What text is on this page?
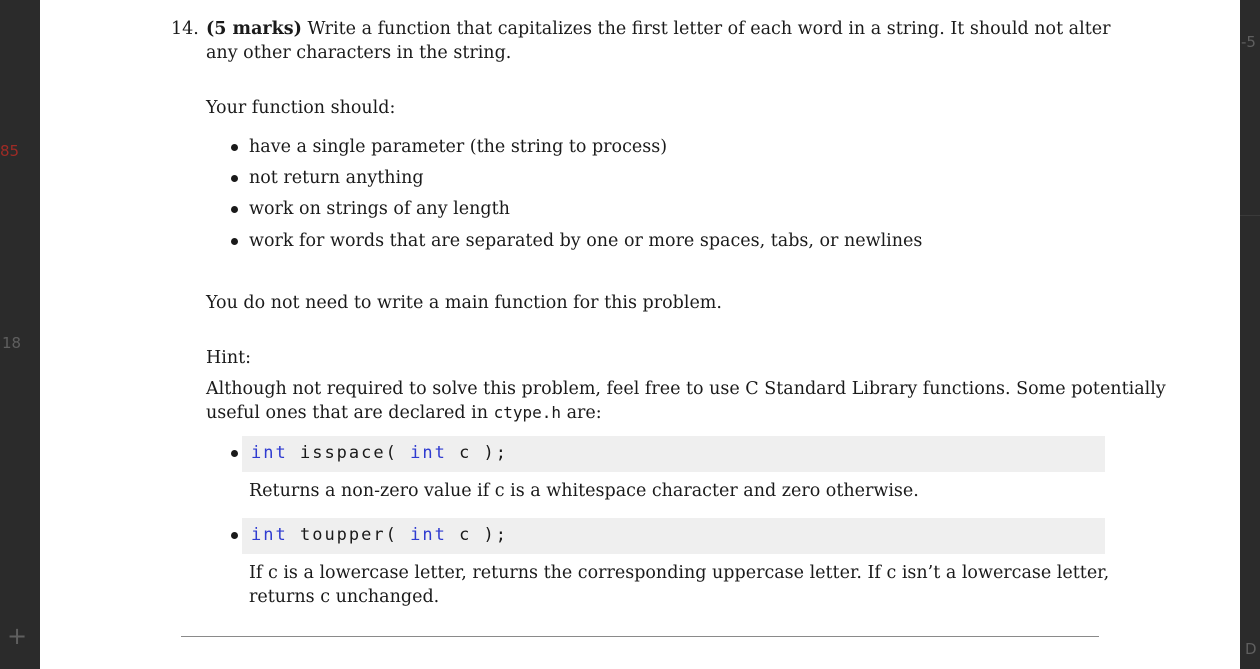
85
18
+
-5
D
14. (5 marks) Write a function that capitalizes the first letter of each word in a string. It should not alter
any other characters in the string.
Your function should:
have a single parameter (the string to process)
not return anything
work on strings of any length
work for words that are separated by one or more spaces, tabs, or newlines
You do not need to write a main function for this problem.
Hint:
Although not required to solve this problem, feel free to use C Standard Library functions. Some potentially
useful ones that are declared in ctype.h are:
int isspace( int c );
Returns a non-zero value if c is a whitespace character and zero otherwise.
int toupper( int c );
If c is a lowercase letter, returns the corresponding uppercase letter. If c isn’t a lowercase letter,
returns c unchanged.
